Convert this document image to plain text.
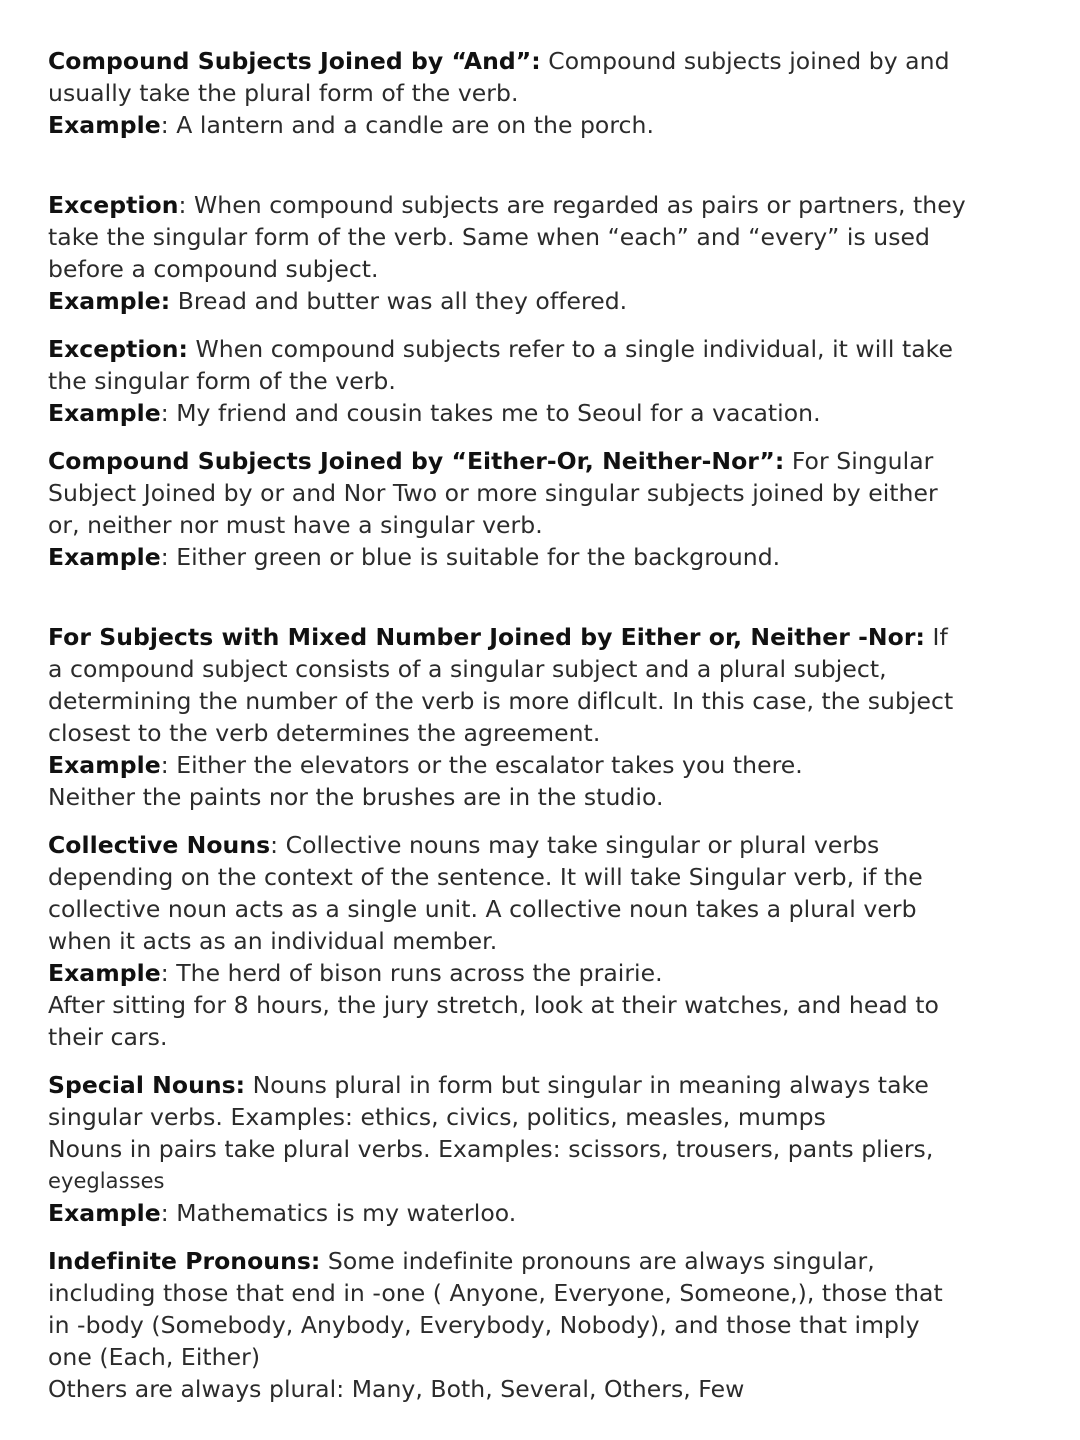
Compound Subjects Joined by “And”: Compound subjects joined by and
usually take the plural form of the verb.
Example: A lantern and a candle are on the porch.
Exception: When compound subjects are regarded as pairs or partners, they
take the singular form of the verb. Same when “each” and “every” is used
before a compound subject.
Example: Bread and butter was all they offered.
Exception: When compound subjects refer to a single individual, it will take
the singular form of the verb.
Example: My friend and cousin takes me to Seoul for a vacation.
Compound Subjects Joined by “Either-Or, Neither-Nor”: For Singular
Subject Joined by or and Nor Two or more singular subjects joined by either
or, neither nor must have a singular verb.
Example: Either green or blue is suitable for the background.
For Subjects with Mixed Number Joined by Either or, Neither -Nor: If
a compound subject consists of a singular subject and a plural subject,
determining the number of the verb is more diflcult. In this case, the subject
closest to the verb determines the agreement.
Example: Either the elevators or the escalator takes you there.
Neither the paints nor the brushes are in the studio.
Collective Nouns: Collective nouns may take singular or plural verbs
depending on the context of the sentence. It will take Singular verb, if the
collective noun acts as a single unit. A collective noun takes a plural verb
when it acts as an individual member.
Example: The herd of bison runs across the prairie.
After sitting for 8 hours, the jury stretch, look at their watches, and head to
their cars.
Special Nouns: Nouns plural in form but singular in meaning always take
singular verbs. Examples: ethics, civics, politics, measles, mumps
Nouns in pairs take plural verbs. Examples: scissors, trousers, pants pliers,
eyeglasses
Example: Mathematics is my waterloo.
Indefinite Pronouns: Some indefinite pronouns are always singular,
including those that end in -one ( Anyone, Everyone, Someone,), those that
in -body (Somebody, Anybody, Everybody, Nobody), and those that imply
one (Each, Either)
Others are always plural: Many, Both, Several, Others, Few
